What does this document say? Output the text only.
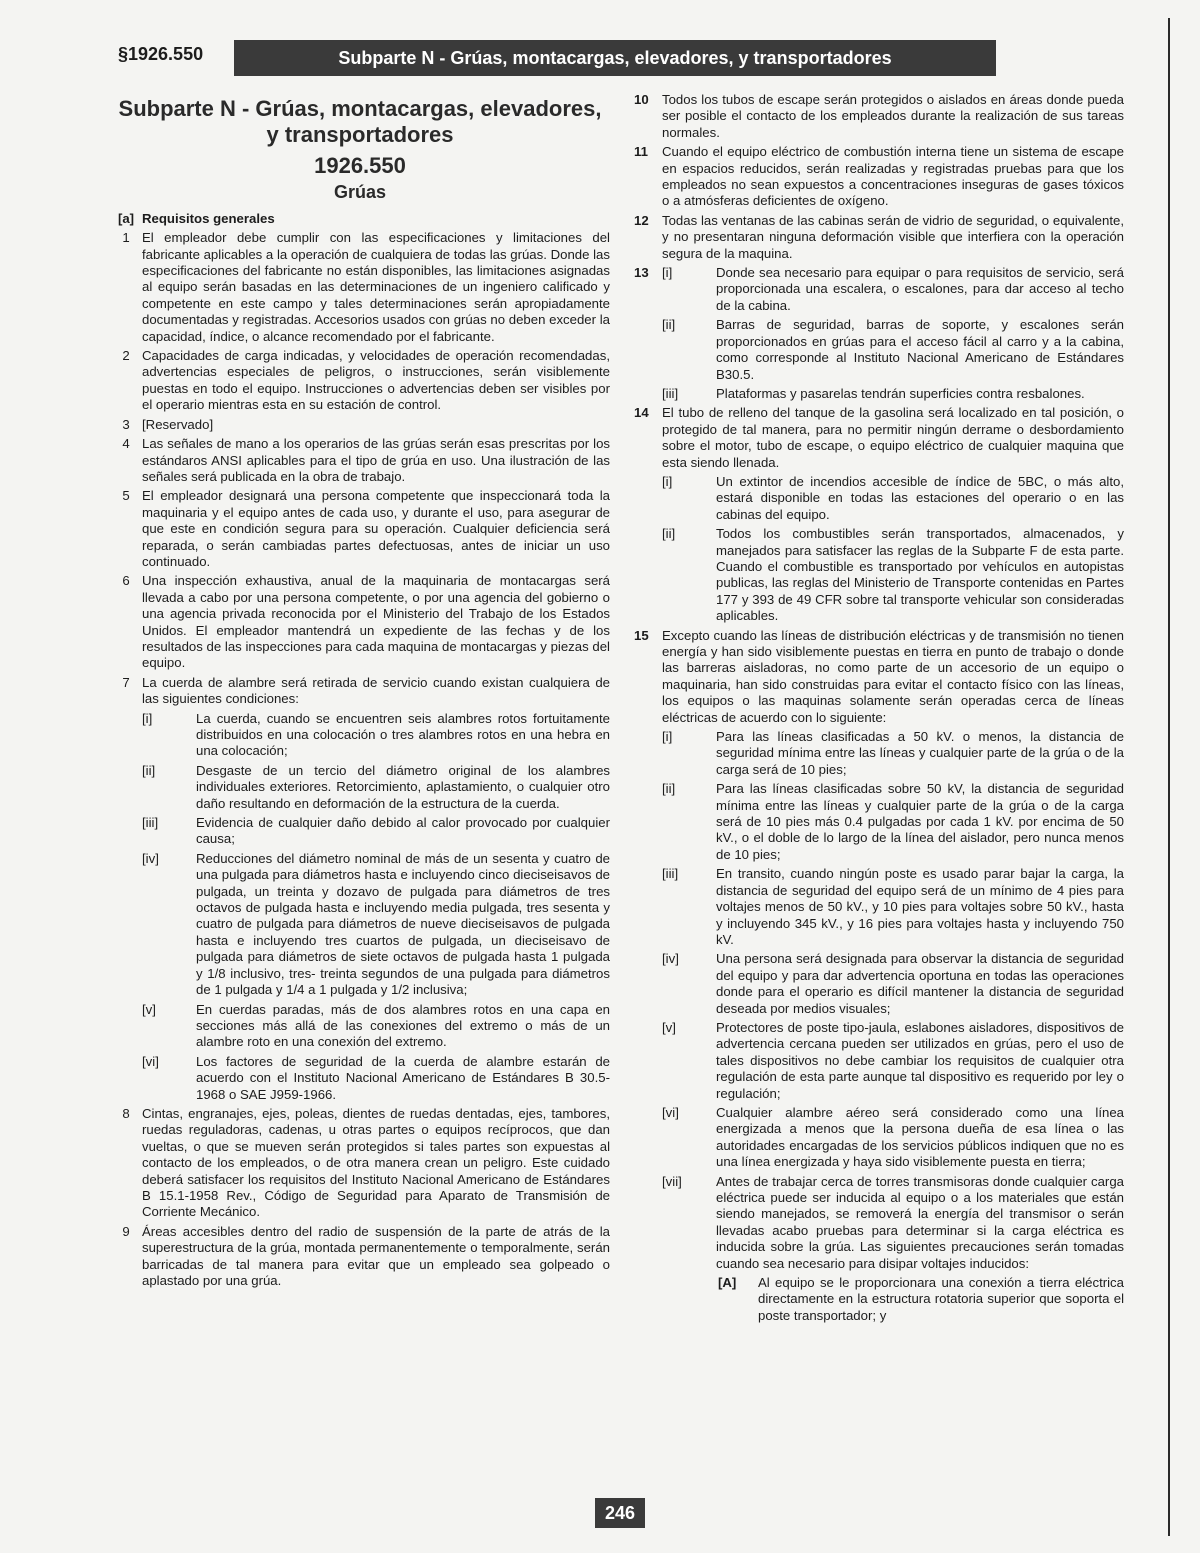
§1926.550	Subparte N - Grúas, montacargas, elevadores, y transportadores
Subparte N - Grúas, montacargas, elevadores, y transportadores
1926.550
Grúas
[a] Requisitos generales
1 El empleador debe cumplir con las especificaciones y limitaciones del fabricante aplicables a la operación de cualquiera de todas las grúas. Donde las especificaciones del fabricante no están disponibles, las limitaciones asignadas al equipo serán basadas en las determinaciones de un ingeniero calificado y competente en este campo y tales determinaciones serán apropiadamente documentadas y registradas. Accesorios usados con grúas no deben exceder la capacidad, índice, o alcance recomendado por el fabricante.
2 Capacidades de carga indicadas, y velocidades de operación recomendadas, advertencias especiales de peligros, o instrucciones, serán visiblemente puestas en todo el equipo. Instrucciones o advertencias deben ser visibles por el operario mientras esta en su estación de control.
3 [Reservado]
4 Las señales de mano a los operarios de las grúas serán esas prescritas por los estándaros ANSI aplicables para el tipo de grúa en uso. Una ilustración de las señales será publicada en la obra de trabajo.
5 El empleador designará una persona competente que inspeccionará toda la maquinaria y el equipo antes de cada uso, y durante el uso, para asegurar de que este en condición segura para su operación. Cualquier deficiencia será reparada, o serán cambiadas partes defectuosas, antes de iniciar un uso continuado.
6 Una inspección exhaustiva, anual de la maquinaria de montacargas será llevada a cabo por una persona competente, o por una agencia del gobierno o una agencia privada reconocida por el Ministerio del Trabajo de los Estados Unidos. El empleador mantendrá un expediente de las fechas y de los resultados de las inspecciones para cada maquina de montacargas y piezas del equipo.
7 La cuerda de alambre será retirada de servicio cuando existan cualquiera de las siguientes condiciones:
[i]	La cuerda, cuando se encuentren seis alambres rotos fortuitamente distribuidos en una colocación o tres alambres rotos en una hebra en una colocación;
[ii]	Desgaste de un tercio del diámetro original de los alambres individuales exteriores. Retorcimiento, aplastamiento, o cualquier otro daño resultando en deformación de la estructura de la cuerda.
[iii]	Evidencia de cualquier daño debido al calor provocado por cualquier causa;
[iv]	Reducciones del diámetro nominal de más de un sesenta y cuatro de una pulgada para diámetros hasta e incluyendo cinco dieciseisavos de pulgada, un treinta y dozavo de pulgada para diámetros de tres octavos de pulgada hasta e incluyendo media pulgada, tres sesenta y cuatro de pulgada para diámetros de nueve dieciseisavos de pulgada hasta e incluyendo tres cuartos de pulgada, un dieciseisavo de pulgada para diámetros de siete octavos de pulgada hasta 1 pulgada y 1/8 inclusivo, tres- treinta segundos de una pulgada para diámetros de 1 pulgada y 1/4 a 1 pulgada y 1/2 inclusiva;
[v]	En cuerdas paradas, más de dos alambres rotos en una capa en secciones más allá de las conexiones del extremo o más de un alambre roto en una conexión del extremo.
[vi]	Los factores de seguridad de la cuerda de alambre estarán de acuerdo con el Instituto Nacional Americano de Estándares B 30.5-1968 o SAE J959-1966.
8 Cintas, engranajes, ejes, poleas, dientes de ruedas dentadas, ejes, tambores, ruedas reguladoras, cadenas, u otras partes o equipos recíprocos, que dan vueltas, o que se mueven serán protegidos si tales partes son expuestas al contacto de los empleados, o de otra manera crean un peligro. Este cuidado deberá satisfacer los requisitos del Instituto Nacional Americano de Estándares B 15.1-1958 Rev., Código de Seguridad para Aparato de Transmisión de Corriente Mecánico.
9 Áreas accesibles dentro del radio de suspensión de la parte de atrás de la superestructura de la grúa, montada permanentemente o temporalmente, serán barricadas de tal manera para evitar que un empleado sea golpeado o aplastado por una grúa.
10	Todos los tubos de escape serán protegidos o aislados en áreas donde pueda ser posible el contacto de los empleados durante la realización de sus tareas normales.
11	Cuando el equipo eléctrico de combustión interna tiene un sistema de escape en espacios reducidos, serán realizadas y registradas pruebas para que los empleados no sean expuestos a concentraciones inseguras de gases tóxicos o a atmósferas deficientes de oxígeno.
12	Todas las ventanas de las cabinas serán de vidrio de seguridad, o equivalente, y no presentaran ninguna deformación visible que interfiera con la operación segura de la maquina.
13	[i]	Donde sea necesario para equipar o para requisitos de servicio, será proporcionada una escalera, o escalones, para dar acceso al techo de la cabina.
[ii]	Barras de seguridad, barras de soporte, y escalones serán proporcionados en grúas para el acceso fácil al carro y a la cabina, como corresponde al Instituto Nacional Americano de Estándares B30.5.
[iii]	Plataformas y pasarelas tendrán superficies contra resbalones.
14	El tubo de relleno del tanque de la gasolina será localizado en tal posición, o protegido de tal manera, para no permitir ningún derrame o desbordamiento sobre el motor, tubo de escape, o equipo eléctrico de cualquier maquina que esta siendo llenada.
[i]	Un extintor de incendios accesible de índice de 5BC, o más alto, estará disponible en todas las estaciones del operario o en las cabinas del equipo.
[ii]	Todos los combustibles serán transportados, almacenados, y manejados para satisfacer las reglas de la Subparte F de esta parte. Cuando el combustible es transportado por vehículos en autopistas publicas, las reglas del Ministerio de Transporte contenidas en Partes 177 y 393 de 49 CFR sobre tal transporte vehicular son consideradas aplicables.
15	Excepto cuando las líneas de distribución eléctricas y de transmisión no tienen energía y han sido visiblemente puestas en tierra en punto de trabajo o donde las barreras aisladoras, no como parte de un accesorio de un equipo o maquinaria, han sido construidas para evitar el contacto físico con las líneas, los equipos o las maquinas solamente serán operadas cerca de líneas eléctricas de acuerdo con lo siguiente:
[i]	Para las líneas clasificadas a 50 kV. o menos, la distancia de seguridad mínima entre las líneas y cualquier parte de la grúa o de la carga será de 10 pies;
[ii]	Para las líneas clasificadas sobre 50 kV, la distancia de seguridad mínima entre las líneas y cualquier parte de la grúa o de la carga será de 10 pies más 0.4 pulgadas por cada 1 kV. por encima de 50 kV., o el doble de lo largo de la línea del aislador, pero nunca menos de 10 pies;
[iii]	En transito, cuando ningún poste es usado parar bajar la carga, la distancia de seguridad del equipo será de un mínimo de 4 pies para voltajes menos de 50 kV., y 10 pies para voltajes sobre 50 kV., hasta y incluyendo 345 kV., y 16 pies para voltajes hasta y incluyendo 750 kV.
[iv]	Una persona será designada para observar la distancia de seguridad del equipo y para dar advertencia oportuna en todas las operaciones donde para el operario es difícil mantener la distancia de seguridad deseada por medios visuales;
[v]	Protectores de poste tipo-jaula, eslabones aisladores, dispositivos de advertencia cercana pueden ser utilizados en grúas, pero el uso de tales dispositivos no debe cambiar los requisitos de cualquier otra regulación de esta parte aunque tal dispositivo es requerido por ley o regulación;
[vi]	Cualquier alambre aéreo será considerado como una línea energizada a menos que la persona dueña de esa línea o las autoridades encargadas de los servicios públicos indiquen que no es una línea energizada y haya sido visiblemente puesta en tierra;
[vii]	Antes de trabajar cerca de torres transmisoras donde cualquier carga eléctrica puede ser inducida al equipo o a los materiales que están siendo manejados, se removerá la energía del transmisor o serán llevadas acabo pruebas para determinar si la carga eléctrica es inducida sobre la grúa. Las siguientes precauciones serán tomadas cuando sea necesario para disipar voltajes inducidos:
[A]	Al equipo se le proporcionara una conexión a tierra eléctrica directamente en la estructura rotatoria superior que soporta el poste transportador; y
246
